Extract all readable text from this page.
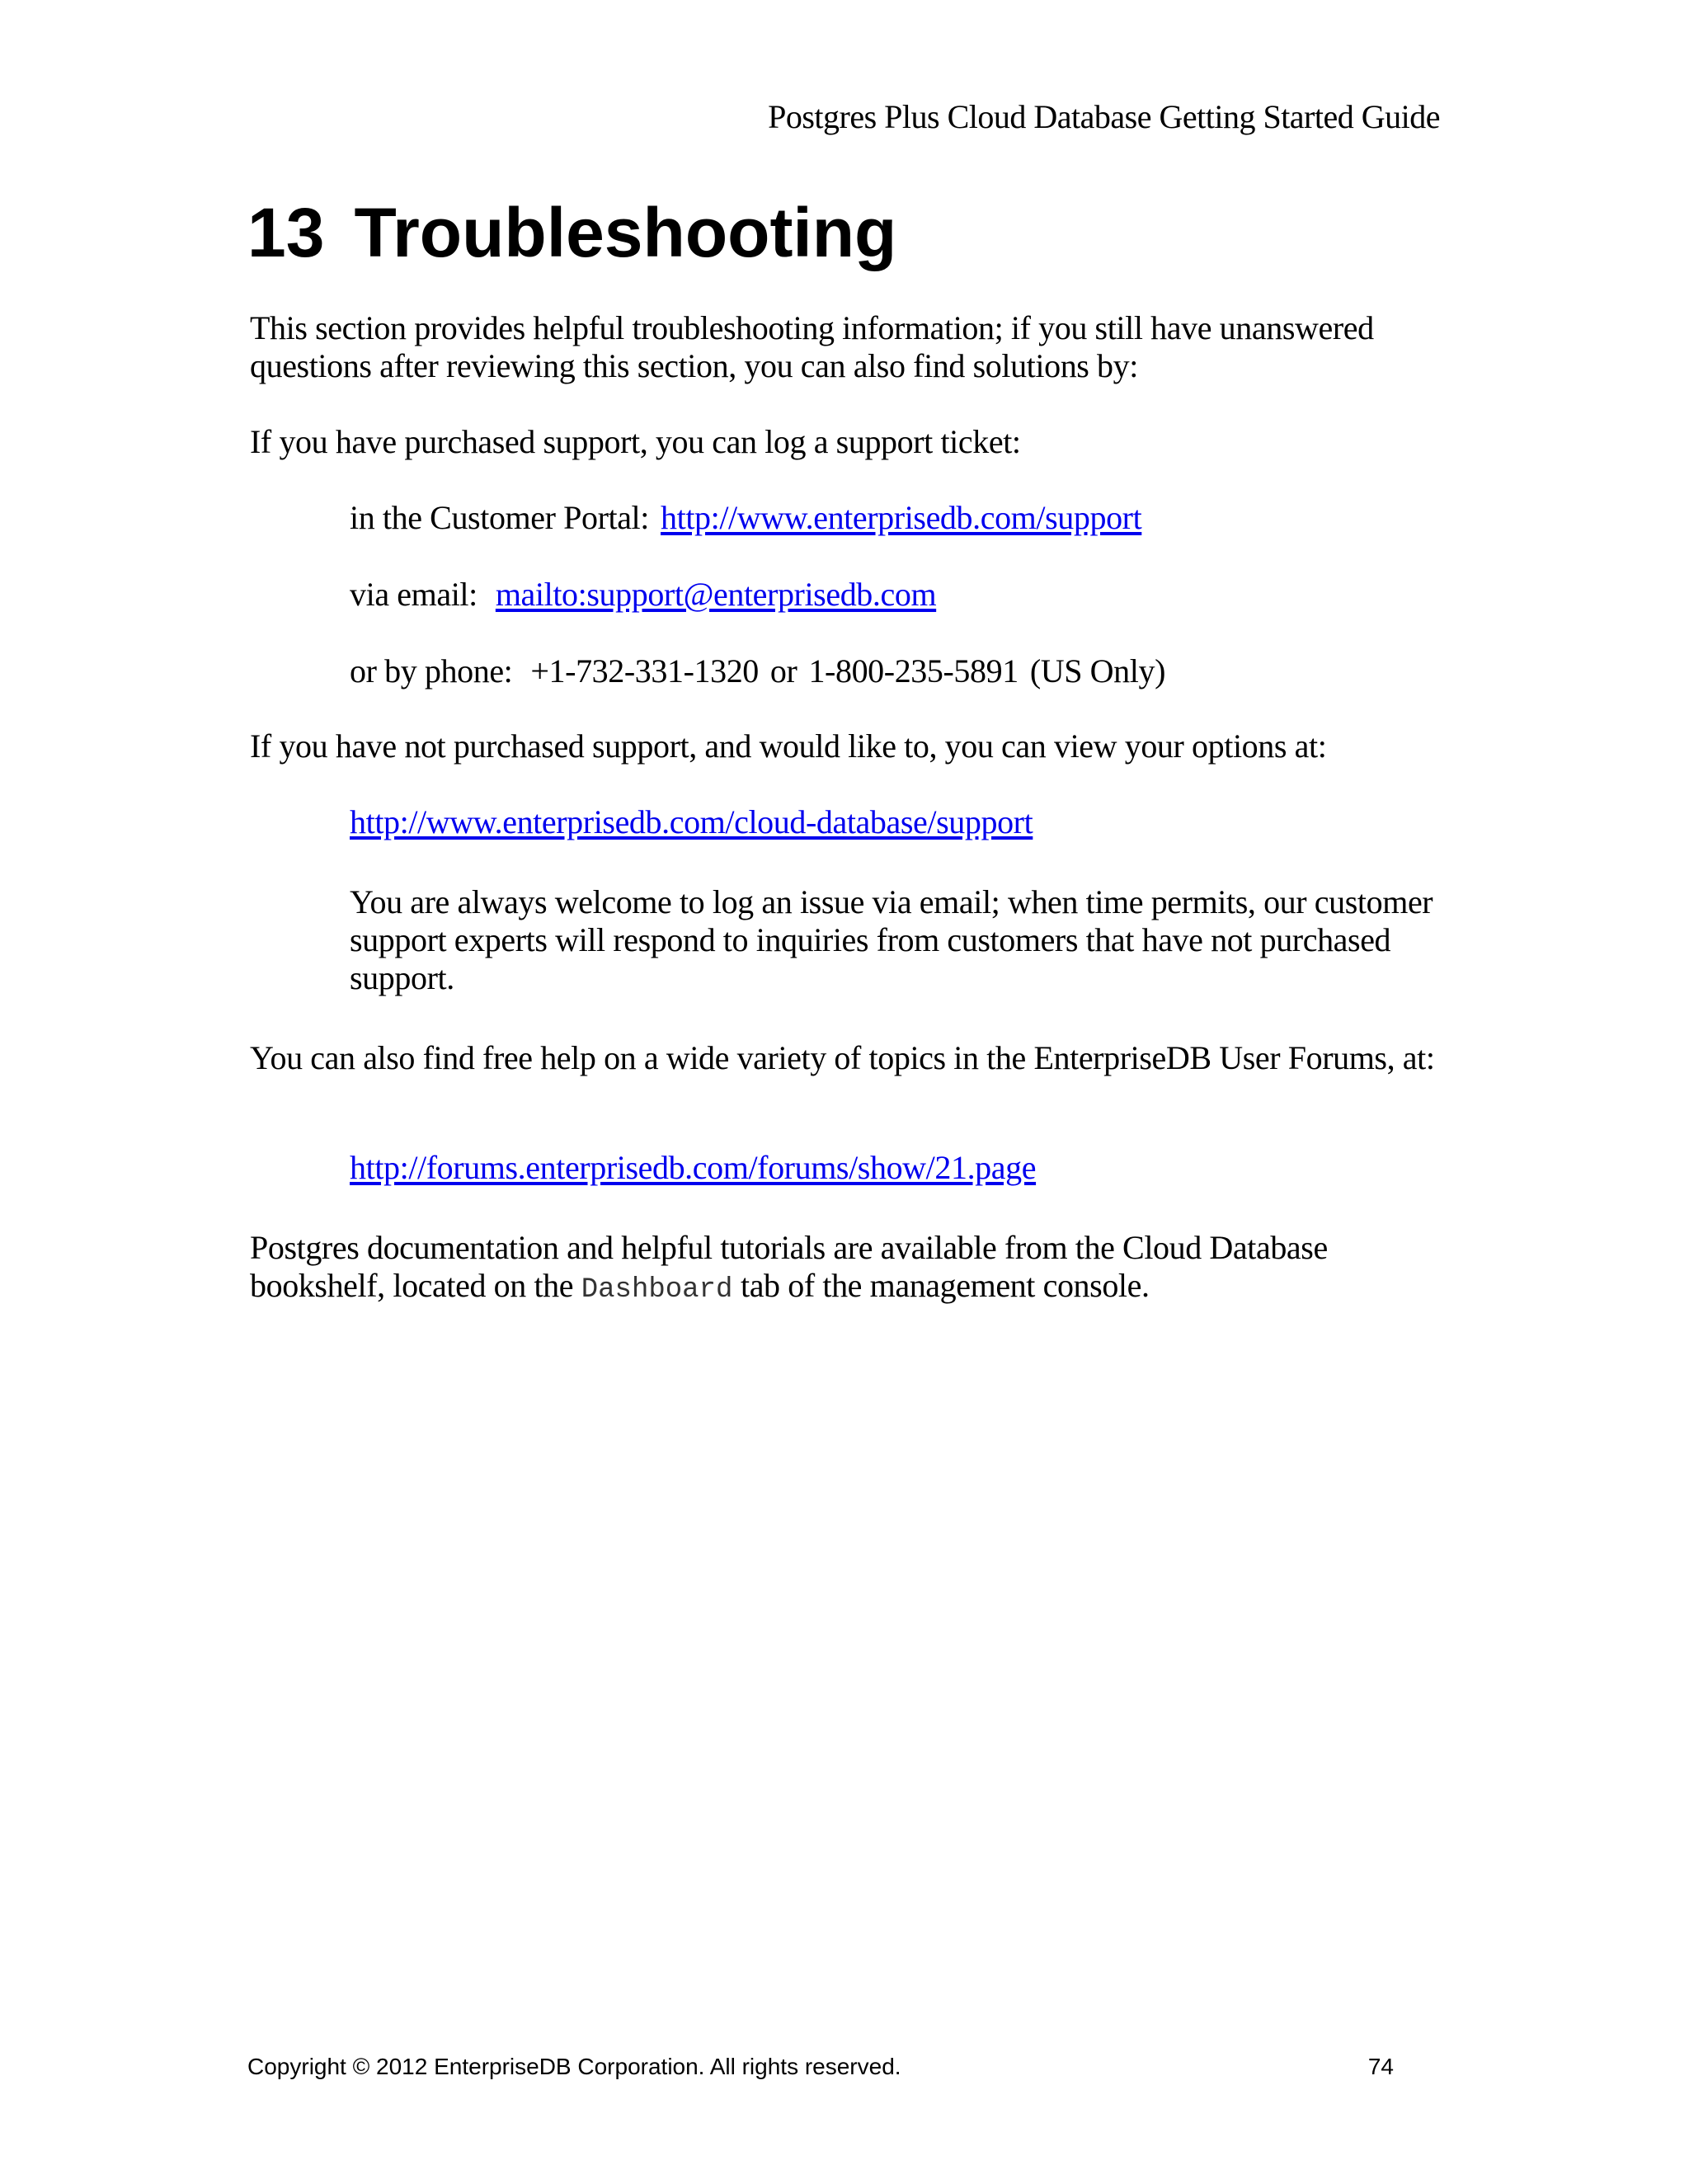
Postgres Plus Cloud Database Getting Started Guide
13 Troubleshooting

This section provides helpful troubleshooting information; if you still have unanswered questions after reviewing this section, you can also find solutions by:

If you have purchased support, you can log a support ticket:

in the Customer Portal: http://www.enterprisedb.com/support

via email: mailto:support@enterprisedb.com

or by phone: +1-732-331-1320 or 1-800-235-5891 (US Only)

If you have not purchased support, and would like to, you can view your options at:

http://www.enterprisedb.com/cloud-database/support

You are always welcome to log an issue via email; when time permits, our customer support experts will respond to inquiries from customers that have not purchased support.

You can also find free help on a wide variety of topics in the EnterpriseDB User Forums, at:

http://forums.enterprisedb.com/forums/show/21.page

Postgres documentation and helpful tutorials are available from the Cloud Database bookshelf, located on the Dashboard tab of the management console.

Copyright © 2012 EnterpriseDB Corporation. All rights reserved.	74
